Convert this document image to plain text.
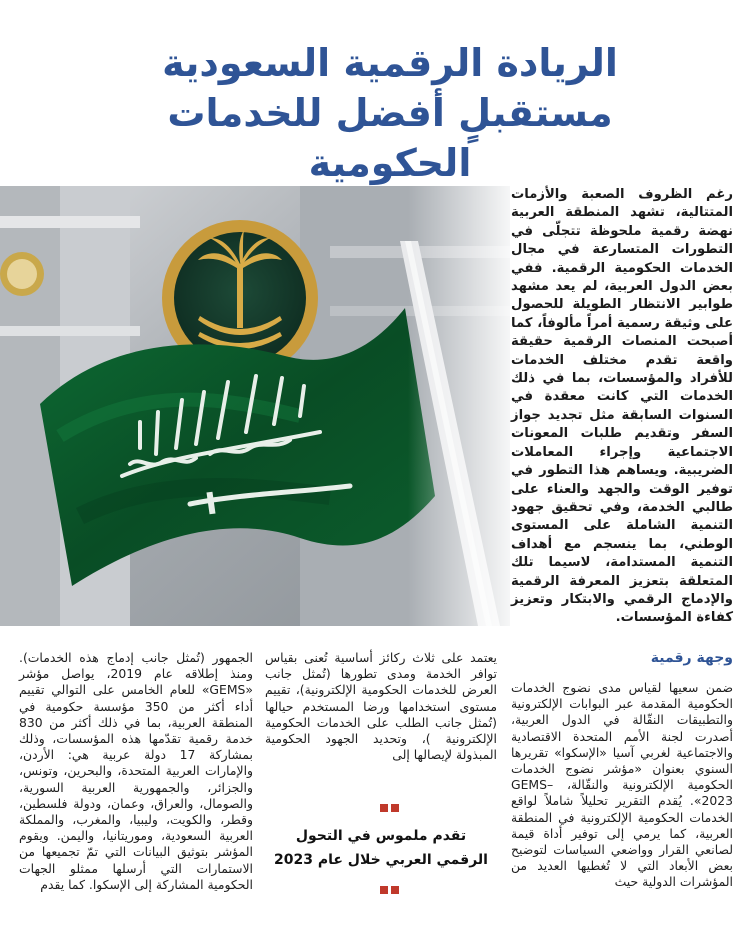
الريادة الرقمية السعودية
مستقبلٍ أفضل للخدمات الحكومية

رغم الظروف الصعبة والأزمات المتتالية، تشهد المنطقة العربية نهضة رقمية ملحوظة تتجلّى في التطورات المتسارعة في مجال الخدمات الحكومية الرقمية. ففي بعض الدول العربية، لم يعد مشهد طوابير الانتظار الطويلة للحصول على وثيقة رسمية أمراً مألوفاً، كما أصبحت المنصات الرقمية حقيقة واقعة تقدم مختلف الخدمات للأفراد والمؤسسات، بما في ذلك الخدمات التي كانت معقدة في السنوات السابقة مثل تجديد جواز السفر وتقديم طلبات المعونات الاجتماعية وإجراء المعاملات الضريبية. ويساهم هذا التطور في توفير الوقت والجهد والعناء على طالبي الخدمة، وفي تحقيق جهود التنمية الشاملة على المستوى الوطني، بما ينسجم مع أهداف التنمية المستدامة، لاسيما تلك المتعلقة بتعزيز المعرفة الرقمية والإدماج الرقمي والابتكار وتعزيز كفاءة المؤسسات.

وجهة رقمية

ضمن سعيها لقياس مدى نضوج الخدمات الحكومية المقدمة عبر البوابات الإلكترونية والتطبيقات النقّالة في الدول العربية، أصدرت لجنة الأمم المتحدة الاقتصادية والاجتماعية لغربي آسيا «الإسكوا» تقريرها السنوي بعنوان «مؤشر نضوج الخدمات الحكومية الإلكترونية والنقّالة، GEMS–2023». يُقدم التقرير تحليلاً شاملاً لواقع الخدمات الحكومية الإلكترونية في المنطقة العربية، كما يرمي إلى توفير أداة قيمة لصانعي القرار وواضعي السياسات لتوضيح بعض الأبعاد التي لا تُغطيها العديد من المؤشرات الدولية حيث

يعتمد على ثلاث ركائز أساسية تُعنى بقياس توافر الخدمة ومدى تطورها (تُمثل جانب العرض للخدمات الحكومية الإلكترونية)، تقييم مستوى استخدامها ورضا المستخدم حيالها (تُمثل جانب الطلب على الخدمات الحكومية الإلكترونية )، وتحديد الجهود الحكومية المبذولة لإيصالها إلى

تقدم ملموس في التحول
الرقمي العربي خلال عام 2023

الجمهور (تُمثل جانب إدماج هذه الخدمات). ومنذ إطلاقه عام 2019، يواصل مؤشر «GEMS» للعام الخامس على التوالي تقييم أداء أكثر من 350 مؤسسة حكومية في المنطقة العربية، بما في ذلك أكثر من 830 خدمة رقمية تقدّمها هذه المؤسسات، وذلك بمشاركة 17 دولة عربية هي: الأردن، والإمارات العربية المتحدة، والبحرين، وتونس، والجزائر، والجمهورية العربية السورية، والصومال، والعراق، وعمان، ودولة فلسطين، وقطر، والكويت، وليبيا، والمغرب، والمملكة العربية السعودية، وموريتانيا، واليمن. ويقوم المؤشر بتوثيق البيانات التي تمّ تجميعها من الاستمارات التي أرسلها ممثلو الجهات الحكومية المشاركة إلى الإسكوا. كما يقدم
